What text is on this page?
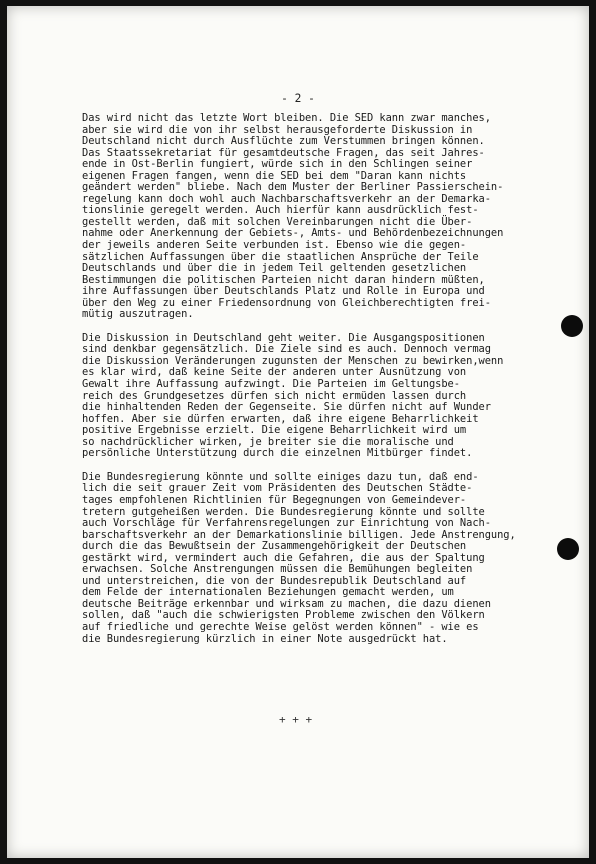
- 2 -
Das wird nicht das letzte Wort bleiben. Die SED kann zwar manches,
aber sie wird die von ihr selbst herausgeforderte Diskussion in
Deutschland nicht durch Ausflüchte zum Verstummen bringen können.
Das Staatssekretariat für gesamtdeutsche Fragen, das seit Jahres-
ende in Ost-Berlin fungiert, würde sich in den Schlingen seiner
eigenen Fragen fangen, wenn die SED bei dem "Daran kann nichts
geändert werden" bliebe. Nach dem Muster der Berliner Passierschein-
regelung kann doch wohl auch Nachbarschaftsverkehr an der Demarka-
tionslinie geregelt werden. Auch hierfür kann ausdrücklich fest-
gestellt werden, daß mit solchen Vereinbarungen nicht die Über-
nahme oder Anerkennung der Gebiets-, Amts- und Behördenbezeichnungen
der jeweils anderen Seite verbunden ist. Ebenso wie die gegen-
sätzlichen Auffassungen über die staatlichen Ansprüche der Teile
Deutschlands und über die in jedem Teil geltenden gesetzlichen
Bestimmungen die politischen Parteien nicht daran hindern müßten,
ihre Auffassungen über Deutschlands Platz und Rolle in Europa und
über den Weg zu einer Friedensordnung von Gleichberechtigten frei-
mütig auszutragen.
Die Diskussion in Deutschland geht weiter. Die Ausgangspositionen
sind denkbar gegensätzlich. Die Ziele sind es auch. Dennoch vermag
die Diskussion Veränderungen zugunsten der Menschen zu bewirken,wenn
es klar wird, daß keine Seite der anderen unter Ausnützung von
Gewalt ihre Auffassung aufzwingt. Die Parteien im Geltungsbe-
reich des Grundgesetzes dürfen sich nicht ermüden lassen durch
die hinhaltenden Reden der Gegenseite. Sie dürfen nicht auf Wunder
hoffen. Aber sie dürfen erwarten, daß ihre eigene Beharrlichkeit
positive Ergebnisse erzielt. Die eigene Beharrlichkeit wird um
so nachdrücklicher wirken, je breiter sie die moralische und
persönliche Unterstützung durch die einzelnen Mitbürger findet.
Die Bundesregierung könnte und sollte einiges dazu tun, daß end-
lich die seit grauer Zeit vom Präsidenten des Deutschen Städte-
tages empfohlenen Richtlinien für Begegnungen von Gemeindever-
tretern gutgeheißen werden. Die Bundesregierung könnte und sollte
auch Vorschläge für Verfahrensregelungen zur Einrichtung von Nach-
barschaftsverkehr an der Demarkationslinie billigen. Jede Anstrengung,
durch die das Bewußtsein der Zusammengehörigkeit der Deutschen
gestärkt wird, vermindert auch die Gefahren, die aus der Spaltung
erwachsen. Solche Anstrengungen müssen die Bemühungen begleiten
und unterstreichen, die von der Bundesrepublik Deutschland auf
dem Felde der internationalen Beziehungen gemacht werden, um
deutsche Beiträge erkennbar und wirksam zu machen, die dazu dienen
sollen, daß "auch die schwierigsten Probleme zwischen den Völkern
auf friedliche und gerechte Weise gelöst werden können" - wie es
die Bundesregierung kürzlich in einer Note ausgedrückt hat.
+ + +
